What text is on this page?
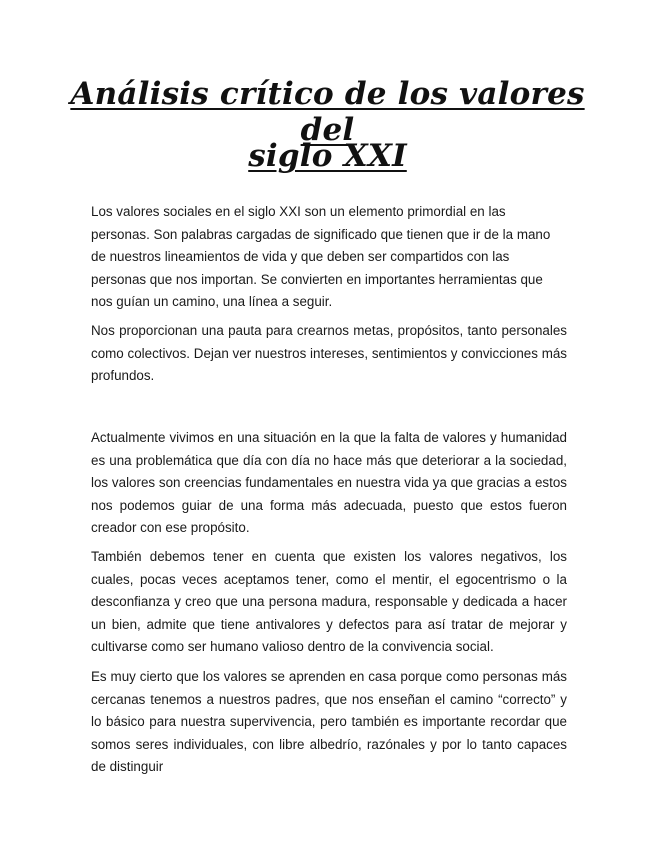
Análisis crítico de los valores del
siglo XXI

Los valores sociales en el siglo XXI son un elemento primordial en las personas. Son palabras cargadas de significado que tienen que ir de la mano de nuestros lineamientos de vida y que deben ser compartidos con las personas que nos importan. Se convierten en importantes herramientas que nos guían un camino, una línea a seguir.

Nos proporcionan una pauta para crearnos metas, propósitos, tanto personales como colectivos. Dejan ver nuestros intereses, sentimientos y convicciones más profundos.

Actualmente vivimos en una situación en la que la falta de valores y humanidad es una problemática que día con día no hace más que deteriorar a la sociedad, los valores son creencias fundamentales en nuestra vida ya que gracias a estos nos podemos guiar de una forma más adecuada, puesto que estos fueron creador con ese propósito.

También debemos tener en cuenta que existen los valores negativos, los cuales, pocas veces aceptamos tener, como el mentir, el egocentrismo o la desconfianza y creo que una persona madura, responsable y dedicada a hacer un bien, admite que tiene antivalores y defectos para así tratar de mejorar y cultivarse como ser humano valioso dentro de la convivencia social.

Es muy cierto que los valores se aprenden en casa porque como personas más cercanas tenemos a nuestros padres, que nos enseñan el camino “correcto” y lo básico para nuestra supervivencia, pero también es importante recordar que somos seres individuales, con libre albedrío, razónales y por lo tanto capaces de distinguir
